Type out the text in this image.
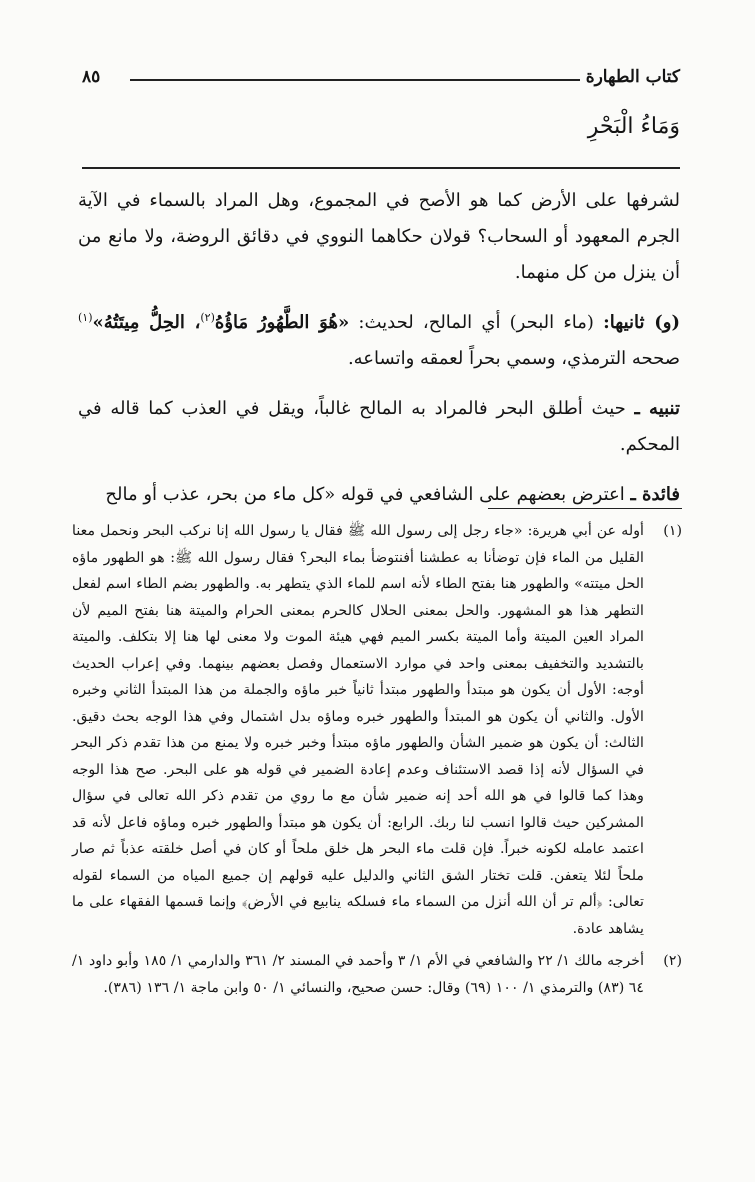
كتاب الطهارة
٨٥
وَمَاءُ الْبَحْرِ

لشرفها على الأرض كما هو الأصح في المجموع، وهل المراد بالسماء في الآية الجرم المعهود أو السحاب؟ قولان حكاهما النووي في دقائق الروضة، ولا مانع من أن ينزل من كل منهما.

(و) ثانيها: (ماء البحر) أي المالح، لحديث: «هُوَ الطَّهُورُ مَاؤُهُ$^{(٢)}$، الحِلُّ مِيتَتُهُ»$^{(١)}$ صححه الترمذي، وسمي بحراً لعمقه واتساعه.

تنبيه ـ حيث أطلق البحر فالمراد به المالح غالباً، ويقل في العذب كما قاله في المحكم.

فائدة ـ اعترض بعضهم على الشافعي في قوله «كل ماء من بحر، عذب أو مالح

(١)
أوله عن أبي هريرة: «جاء رجل إلى رسول الله ﷺ فقال يا رسول الله إنا نركب البحر ونحمل معنا القليل من الماء فإن توضأنا به عطشنا أفنتوضأ بماء البحر؟ فقال رسول الله ﷺ: هو الطهور ماؤه الحل ميتته» والطهور هنا بفتح الطاء لأنه اسم للماء الذي يتطهر به. والطهور بضم الطاء اسم لفعل التطهر هذا هو المشهور. والحل بمعنى الحلال كالحرم بمعنى الحرام والميتة هنا بفتح الميم لأن المراد العين الميتة وأما الميتة بكسر الميم فهي هيئة الموت ولا معنى لها هنا إلا بتكلف. والميتة بالتشديد والتخفيف بمعنى واحد في موارد الاستعمال وفصل بعضهم بينهما. وفي إعراب الحديث أوجه: الأول أن يكون هو مبتدأ والطهور مبتدأ ثانياً خبر ماؤه والجملة من هذا المبتدأ الثاني وخبره الأول. والثاني أن يكون هو المبتدأ والطهور خبره وماؤه بدل اشتمال وفي هذا الوجه بحث دقيق. الثالث: أن يكون هو ضمير الشأن والطهور ماؤه مبتدأ وخبر خبره ولا يمنع من هذا تقدم ذكر البحر في السؤال لأنه إذا قصد الاستئناف وعدم إعادة الضمير في قوله هو على البحر. صح هذا الوجه وهذا كما قالوا في هو الله أحد إنه ضمير شأن مع ما روي من تقدم ذكر الله تعالى في سؤال المشركين حيث قالوا انسب لنا ربك. الرابع: أن يكون هو مبتدأ والطهور خبره وماؤه فاعل لأنه قد اعتمد عامله لكونه خبراً. فإن قلت ماء البحر هل خلق ملحاً أو كان في أصل خلقته عذباً ثم صار ملحاً لئلا يتعفن. قلت تختار الشق الثاني والدليل عليه قولهم إن جميع المياه من السماء لقوله تعالى: ﴿ألم تر أن الله أنزل من السماء ماء فسلكه ينابيع في الأرض﴾ وإنما قسمها الفقهاء على ما يشاهد عادة.
(٢)
أخرجه مالك ١/ ٢٢ والشافعي في الأم ١/ ٣ وأحمد في المسند ٢/ ٣٦١ والدارمي ١/ ١٨٥ وأبو داود ١/ ٦٤ (٨٣) والترمذي ١/ ١٠٠ (٦٩) وقال: حسن صحيح، والنسائي ١/ ٥٠ وابن ماجة ١/ ١٣٦ (٣٨٦).
